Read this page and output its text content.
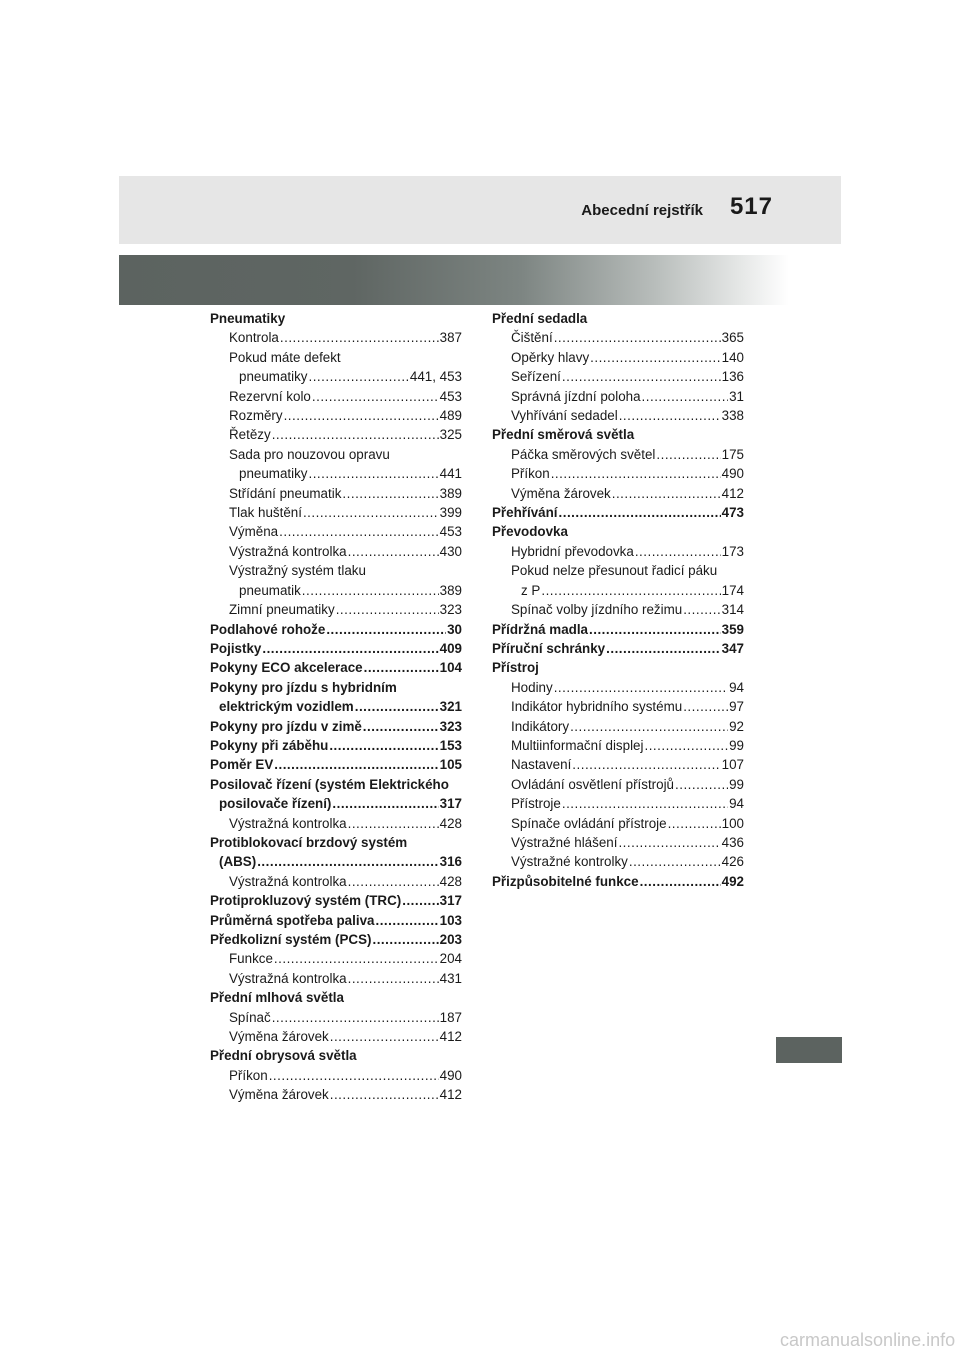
Abecední rejstřík 517
Pneumatiky
Kontrola .....	387
Pokud máte defekt
pneumatiky .....	441, 453
Rezervní kolo .....	453
Rozměry .....	489
Řetězy .....	325
Sada pro nouzovou opravu
pneumatiky .....	441
Střídání pneumatik .....	389
Tlak huštění .....	399
Výměna .....	453
Výstražná kontrolka .....	430
Výstražný systém tlaku
pneumatik .....	389
Zimní pneumatiky .....	323
Podlahové rohože .....	30
Pojistky .....	409
Pokyny ECO akcelerace .....	104
Pokyny pro jízdu s hybridním
elektrickým vozidlem .....	321
Pokyny pro jízdu v zimě .....	323
Pokyny při záběhu .....	153
Poměr EV .....	105
Posilovač řízení (systém Elektrického
posilovače řízení) .....	317
Výstražná kontrolka .....	428
Protiblokovací brzdový systém
(ABS) .....	316
Výstražná kontrolka .....	428
Protiprokluzový systém (TRC) .....	317
Průměrná spotřeba paliva .....	103
Předkolizní systém (PCS) .....	203
Funkce .....	204
Výstražná kontrolka .....	431
Přední mlhová světla
Spínač .....	187
Výměna žárovek .....	412
Přední obrysová světla
Příkon .....	490
Výměna žárovek .....	412
Přední sedadla
Čištění .....	365
Opěrky hlavy .....	140
Seřízení .....	136
Správná jízdní poloha .....	31
Vyhřívání sedadel .....	338
Přední směrová světla
Páčka směrových světel .....	175
Příkon .....	490
Výměna žárovek .....	412
Přehřívání .....	473
Převodovka
Hybridní převodovka .....	173
Pokud nelze přesunout řadicí páku
z P .....	174
Spínač volby jízdního režimu .....	314
Přídržná madla .....	359
Příruční schránky .....	347
Přístroj
Hodiny .....	94
Indikátor hybridního systému .....	97
Indikátory .....	92
Multiinformační displej .....	99
Nastavení .....	107
Ovládání osvětlení přístrojů .....	99
Přístroje .....	94
Spínače ovládání přístroje .....	100
Výstražné hlášení .....	436
Výstražné kontrolky .....	426
Přizpůsobitelné funkce .....	492
carmanualsonline.info
